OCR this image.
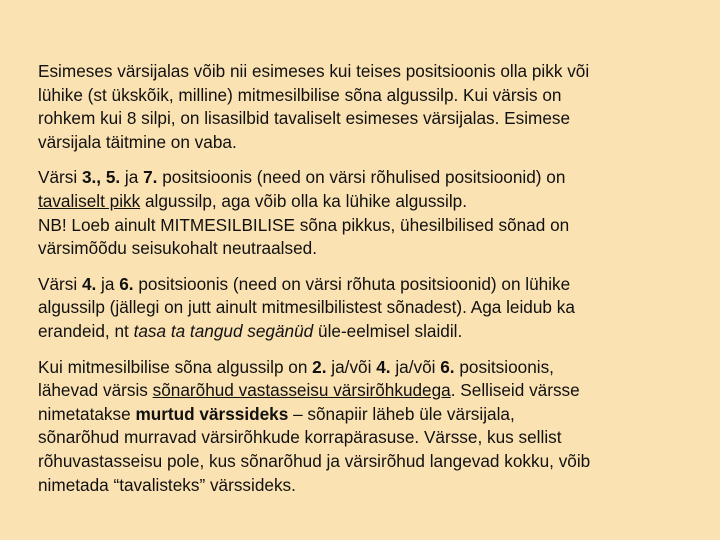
Esimeses värsijalas võib nii esimeses kui teises positsioonis olla pikk või
lühike (st ükskõik, milline) mitmesilbilise sõna algussilp. Kui värsis on
rohkem kui 8 silpi, on lisasilbid tavaliselt esimeses värsijalas. Esimese
värsijala täitmine on vaba.

Värsi 3., 5. ja 7. positsioonis (need on värsi rõhulised positsioonid) on
tavaliselt pikk algussilp, aga võib olla ka lühike algussilp.
NB! Loeb ainult MITMESILBILISE sõna pikkus, ühesilbilised sõnad on
värsimõõdu seisukohalt neutraalsed.

Värsi 4. ja 6. positsioonis (need on värsi rõhuta positsioonid) on lühike
algussilp (jällegi on jutt ainult mitmesilbilistest sõnadest). Aga leidub ka
erandeid, nt tasa ta tangud segänüd üle-eelmisel slaidil.

Kui mitmesilbilise sõna algussilp on 2. ja/või 4. ja/või 6. positsioonis,
lähevad värsis sõnarõhud vastasseisu värsirõhkudega. Selliseid värsse
nimetatakse murtud värssideks – sõnapiir läheb üle värsijala,
sõnarõhud murravad värsirõhkude korrapärasuse. Värsse, kus sellist
rõhuvastasseisu pole, kus sõnarõhud ja värsirõhud langevad kokku, võib
nimetada “tavalisteks” värssideks.
